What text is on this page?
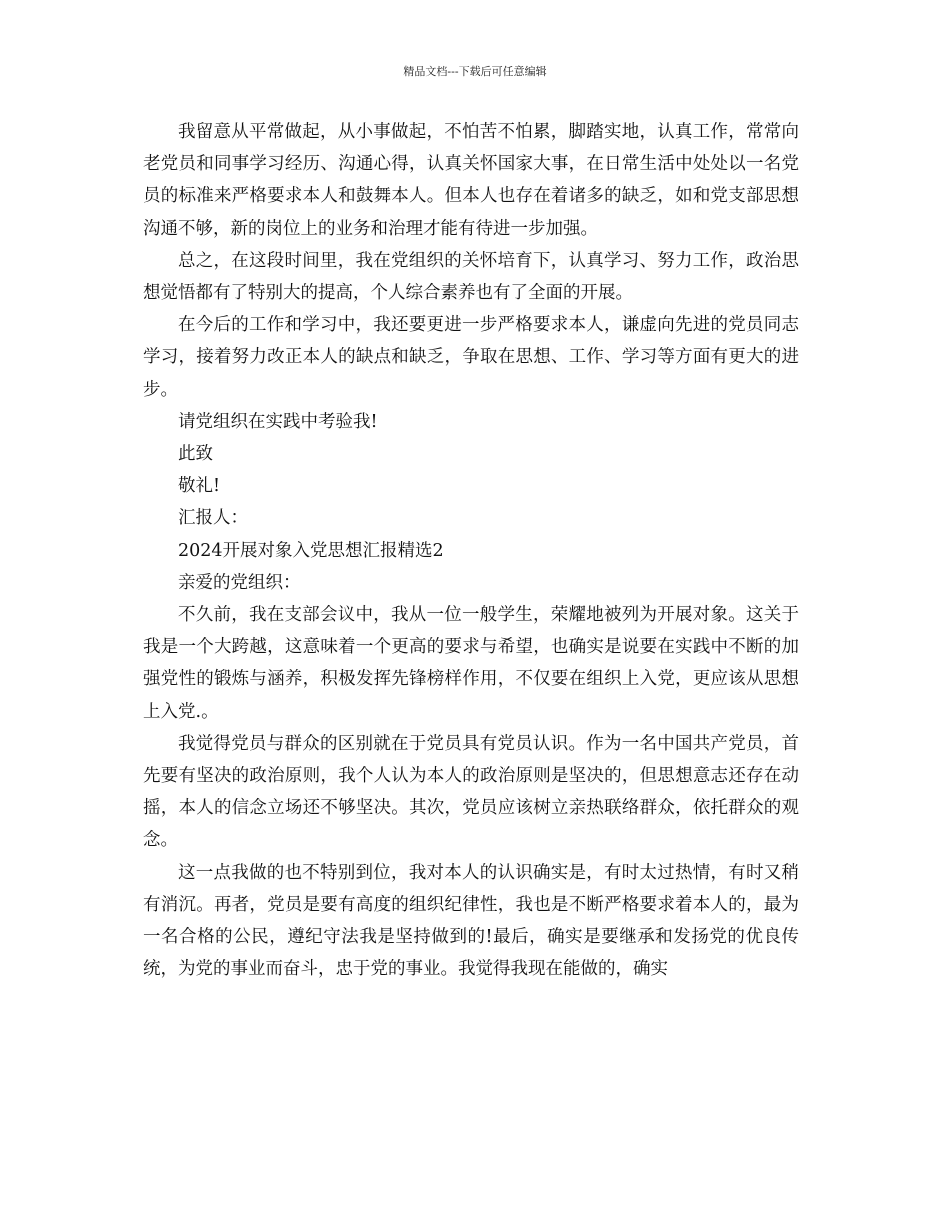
精品文档---下载后可任意编辑

我留意从平常做起，从小事做起，不怕苦不怕累，脚踏实地，认真工作，常常向老党员和同事学习经历、沟通心得，认真关怀国家大事，在日常生活中处处以一名党员的标准来严格要求本人和鼓舞本人。但本人也存在着诸多的缺乏，如和党支部思想沟通不够，新的岗位上的业务和治理才能有待进一步加强。

总之，在这段时间里，我在党组织的关怀培育下，认真学习、努力工作，政治思想觉悟都有了特别大的提高，个人综合素养也有了全面的开展。

在今后的工作和学习中，我还要更进一步严格要求本人，谦虚向先进的党员同志学习，接着努力改正本人的缺点和缺乏，争取在思想、工作、学习等方面有更大的进步。

请党组织在实践中考验我!

此致

敬礼!

汇报人：

2024开展对象入党思想汇报精选2

亲爱的党组织：

不久前，我在支部会议中，我从一位一般学生，荣耀地被列为开展对象。这关于我是一个大跨越，这意味着一个更高的要求与希望，也确实是说要在实践中不断的加强党性的锻炼与涵养，积极发挥先锋榜样作用，不仅要在组织上入党，更应该从思想上入党.。

我觉得党员与群众的区别就在于党员具有党员认识。作为一名中国共产党员，首先要有坚决的政治原则，我个人认为本人的政治原则是坚决的，但思想意志还存在动摇，本人的信念立场还不够坚决。其次，党员应该树立亲热联络群众，依托群众的观念。

这一点我做的也不特别到位，我对本人的认识确实是，有时太过热情，有时又稍有消沉。再者，党员是要有高度的组织纪律性，我也是不断严格要求着本人的，最为一名合格的公民，遵纪守法我是坚持做到的!最后，确实是要继承和发扬党的优良传统，为党的事业而奋斗，忠于党的事业。我觉得我现在能做的，确实
